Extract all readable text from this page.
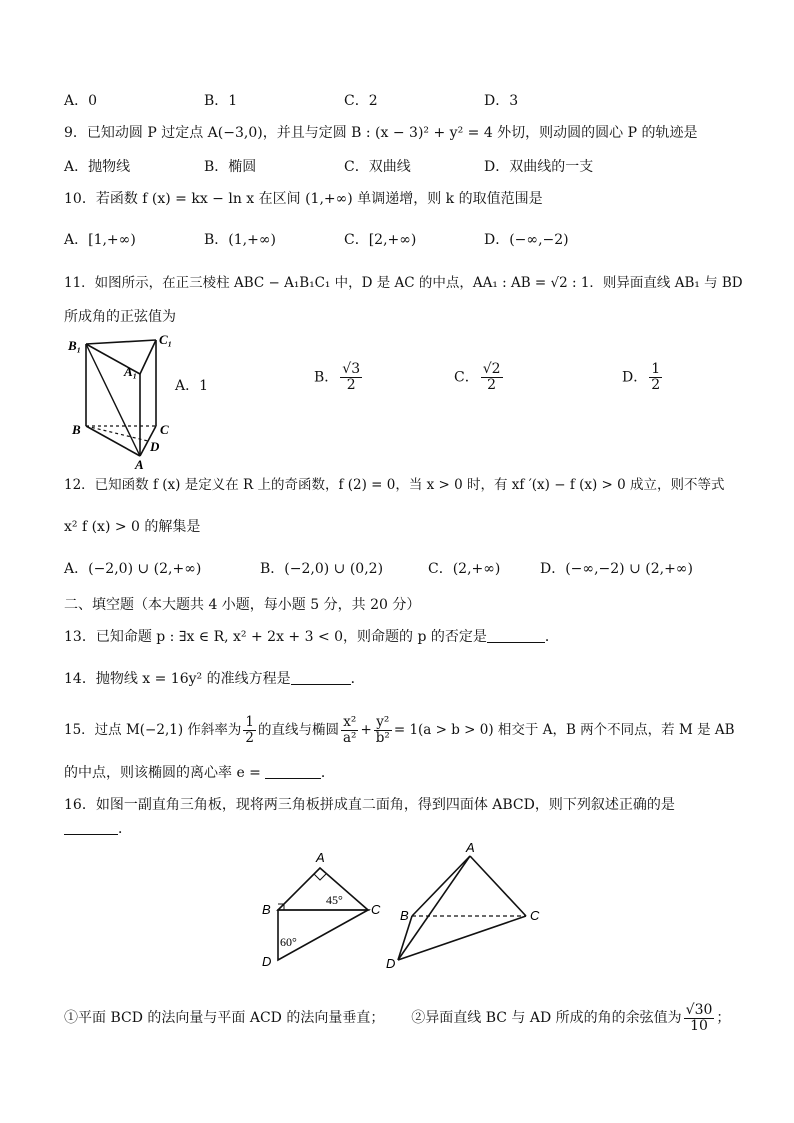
A．0	B．1	C．2	D．3
9．已知动圆 P 过定点 A(−3,0)，并且与定圆 B : (x − 3)² + y² = 4 外切，则动圆的圆心 P 的轨迹是
A．抛物线	B．椭圆	C．双曲线	D．双曲线的一支
10．若函数 f (x) = kx − ln x 在区间 (1,+∞) 单调递增，则 k 的取值范围是
A．[1,+∞)	B．(1,+∞)	C．[2,+∞)	D．(−∞,−2)
11．如图所示，在正三棱柱 ABC − A₁B₁C₁ 中，D 是 AC 的中点，AA₁ : AB = √2 : 1．则异面直线 AB₁ 与 BD
所成角的正弦值为
B₁	C₁
A₁
B	C
D
A
A．1
B． $\frac{√3}{2}$	C． $\frac{√2}{2}$	D． $\frac{1}{2}$
12．已知函数 f (x) 是定义在 R 上的奇函数，f (2) = 0，当 x > 0 时，有 xf ′(x) − f (x) > 0 成立，则不等式
x² f (x) > 0 的解集是
A．(−2,0) ∪ (2,+∞)	B．(−2,0) ∪ (0,2)	C．(2,+∞)	D．(−∞,−2) ∪ (2,+∞)
二、填空题（本大题共 4 小题，每小题 5 分，共 20 分）
13．已知命题 p : ∃x ∈ R, x² + 2x + 3 < 0，则命题的 p 的否定是	．
14．抛物线 x = 16y² 的准线方程是	．
15．过点 M(−2,1) 作斜率为 $\frac{1}{2}$ 的直线与椭圆 $\frac{\text{x²}}{\text{a²}} + \frac{\text{y²}}{\text{b²}} = 1(a > b > 0)$ 相交于 A，B 两个不同点，若 M 是 AB
的中点，则该椭圆的离心率 e =	．
16．如图一副直角三角板，现将两三角板拼成直二面角，得到四面体 ABCD，则下列叙述正确的是
．
A
B	C
D
45°
60°
A
B	C
D
①平面 BCD 的法向量与平面 ACD 的法向量垂直； ②异面直线 BC 与 AD 所成的角的余弦值为 $\frac{√30}{10}$ ；
